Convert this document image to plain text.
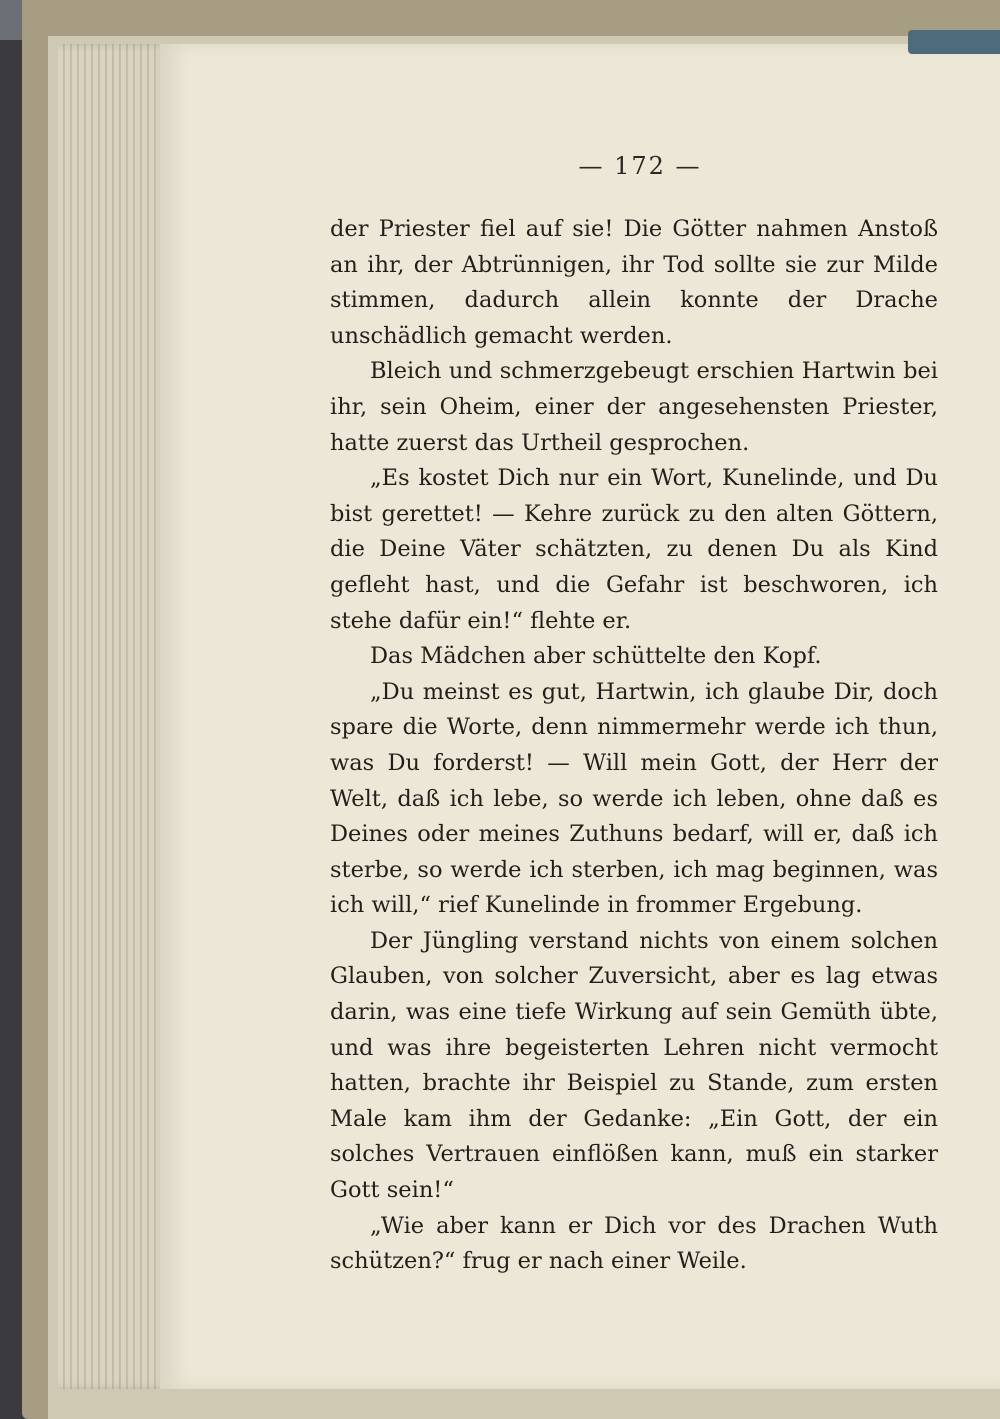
— 172 —

der Priester fiel auf sie! Die Götter nahmen Anstoß an ihr, der Abtrünnigen, ihr Tod sollte sie zur Milde stimmen, dadurch allein konnte der Drache unschädlich gemacht werden.

Bleich und schmerzgebeugt erschien Hartwin bei ihr, sein Oheim, einer der angesehensten Priester, hatte zuerst das Urtheil gesprochen.

„Es kostet Dich nur ein Wort, Kunelinde, und Du bist gerettet! — Kehre zurück zu den alten Göttern, die Deine Väter schätzten, zu denen Du als Kind gefleht hast, und die Gefahr ist beschworen, ich stehe dafür ein!“ flehte er.

Das Mädchen aber schüttelte den Kopf.

„Du meinst es gut, Hartwin, ich glaube Dir, doch spare die Worte, denn nimmermehr werde ich thun, was Du forderst! — Will mein Gott, der Herr der Welt, daß ich lebe, so werde ich leben, ohne daß es Deines oder meines Zuthuns bedarf, will er, daß ich sterbe, so werde ich sterben, ich mag beginnen, was ich will,“ rief Kunelinde in frommer Ergebung.

Der Jüngling verstand nichts von einem solchen Glauben, von solcher Zuversicht, aber es lag etwas darin, was eine tiefe Wirkung auf sein Gemüth übte, und was ihre begeisterten Lehren nicht vermocht hatten, brachte ihr Beispiel zu Stande, zum ersten Male kam ihm der Gedanke: „Ein Gott, der ein solches Vertrauen einflößen kann, muß ein starker Gott sein!“

„Wie aber kann er Dich vor des Drachen Wuth schützen?“ frug er nach einer Weile.
